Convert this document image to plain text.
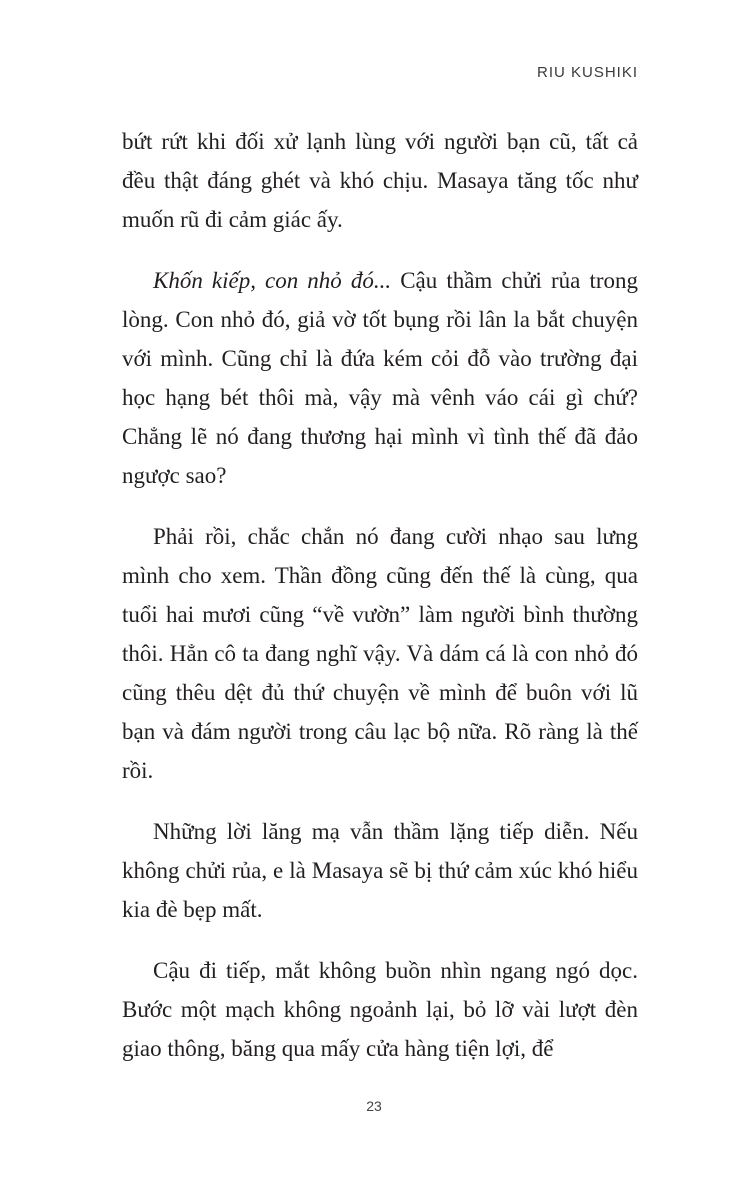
RIU KUSHIKI

bứt rứt khi đối xử lạnh lùng với người bạn cũ, tất cả đều thật đáng ghét và khó chịu. Masaya tăng tốc như muốn rũ đi cảm giác ấy.

Khốn kiếp, con nhỏ đó... Cậu thầm chửi rủa trong lòng. Con nhỏ đó, giả vờ tốt bụng rồi lân la bắt chuyện với mình. Cũng chỉ là đứa kém cỏi đỗ vào trường đại học hạng bét thôi mà, vậy mà vênh váo cái gì chứ? Chẳng lẽ nó đang thương hại mình vì tình thế đã đảo ngược sao?

Phải rồi, chắc chắn nó đang cười nhạo sau lưng mình cho xem. Thần đồng cũng đến thế là cùng, qua tuổi hai mươi cũng “về vườn” làm người bình thường thôi. Hẳn cô ta đang nghĩ vậy. Và dám cá là con nhỏ đó cũng thêu dệt đủ thứ chuyện về mình để buôn với lũ bạn và đám người trong câu lạc bộ nữa. Rõ ràng là thế rồi.

Những lời lăng mạ vẫn thầm lặng tiếp diễn. Nếu không chửi rủa, e là Masaya sẽ bị thứ cảm xúc khó hiểu kia đè bẹp mất.

Cậu đi tiếp, mắt không buồn nhìn ngang ngó dọc. Bước một mạch không ngoảnh lại, bỏ lỡ vài lượt đèn giao thông, băng qua mấy cửa hàng tiện lợi, để

23
